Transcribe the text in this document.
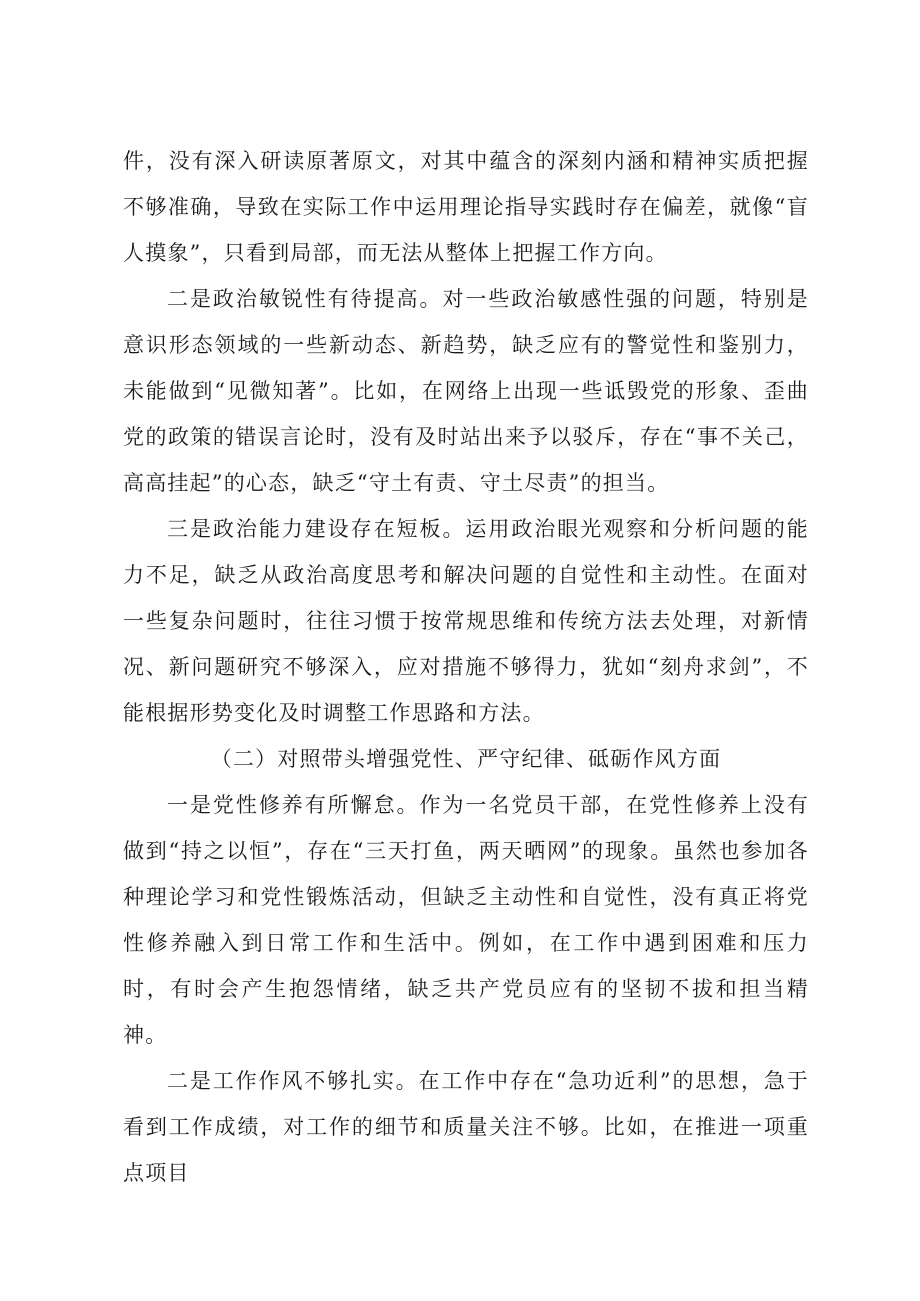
件，没有深入研读原著原文，对其中蕴含的深刻内涵和精神实质把握不够准确，导致在实际工作中运用理论指导实践时存在偏差，就像“盲人摸象”，只看到局部，而无法从整体上把握工作方向。

二是政治敏锐性有待提高。对一些政治敏感性强的问题，特别是意识形态领域的一些新动态、新趋势，缺乏应有的警觉性和鉴别力，未能做到“见微知著”。比如，在网络上出现一些诋毁党的形象、歪曲党的政策的错误言论时，没有及时站出来予以驳斥，存在“事不关己，高高挂起”的心态，缺乏“守土有责、守土尽责”的担当。

三是政治能力建设存在短板。运用政治眼光观察和分析问题的能力不足，缺乏从政治高度思考和解决问题的自觉性和主动性。在面对一些复杂问题时，往往习惯于按常规思维和传统方法去处理，对新情况、新问题研究不够深入，应对措施不够得力，犹如“刻舟求剑”，不能根据形势变化及时调整工作思路和方法。

（二）对照带头增强党性、严守纪律、砥砺作风方面

一是党性修养有所懈怠。作为一名党员干部，在党性修养上没有做到“持之以恒”，存在“三天打鱼，两天晒网”的现象。虽然也参加各种理论学习和党性锻炼活动，但缺乏主动性和自觉性，没有真正将党性修养融入到日常工作和生活中。例如，在工作中遇到困难和压力时，有时会产生抱怨情绪，缺乏共产党员应有的坚韧不拔和担当精神。

二是工作作风不够扎实。在工作中存在“急功近利”的思想，急于看到工作成绩，对工作的细节和质量关注不够。比如，在推进一项重点项目
